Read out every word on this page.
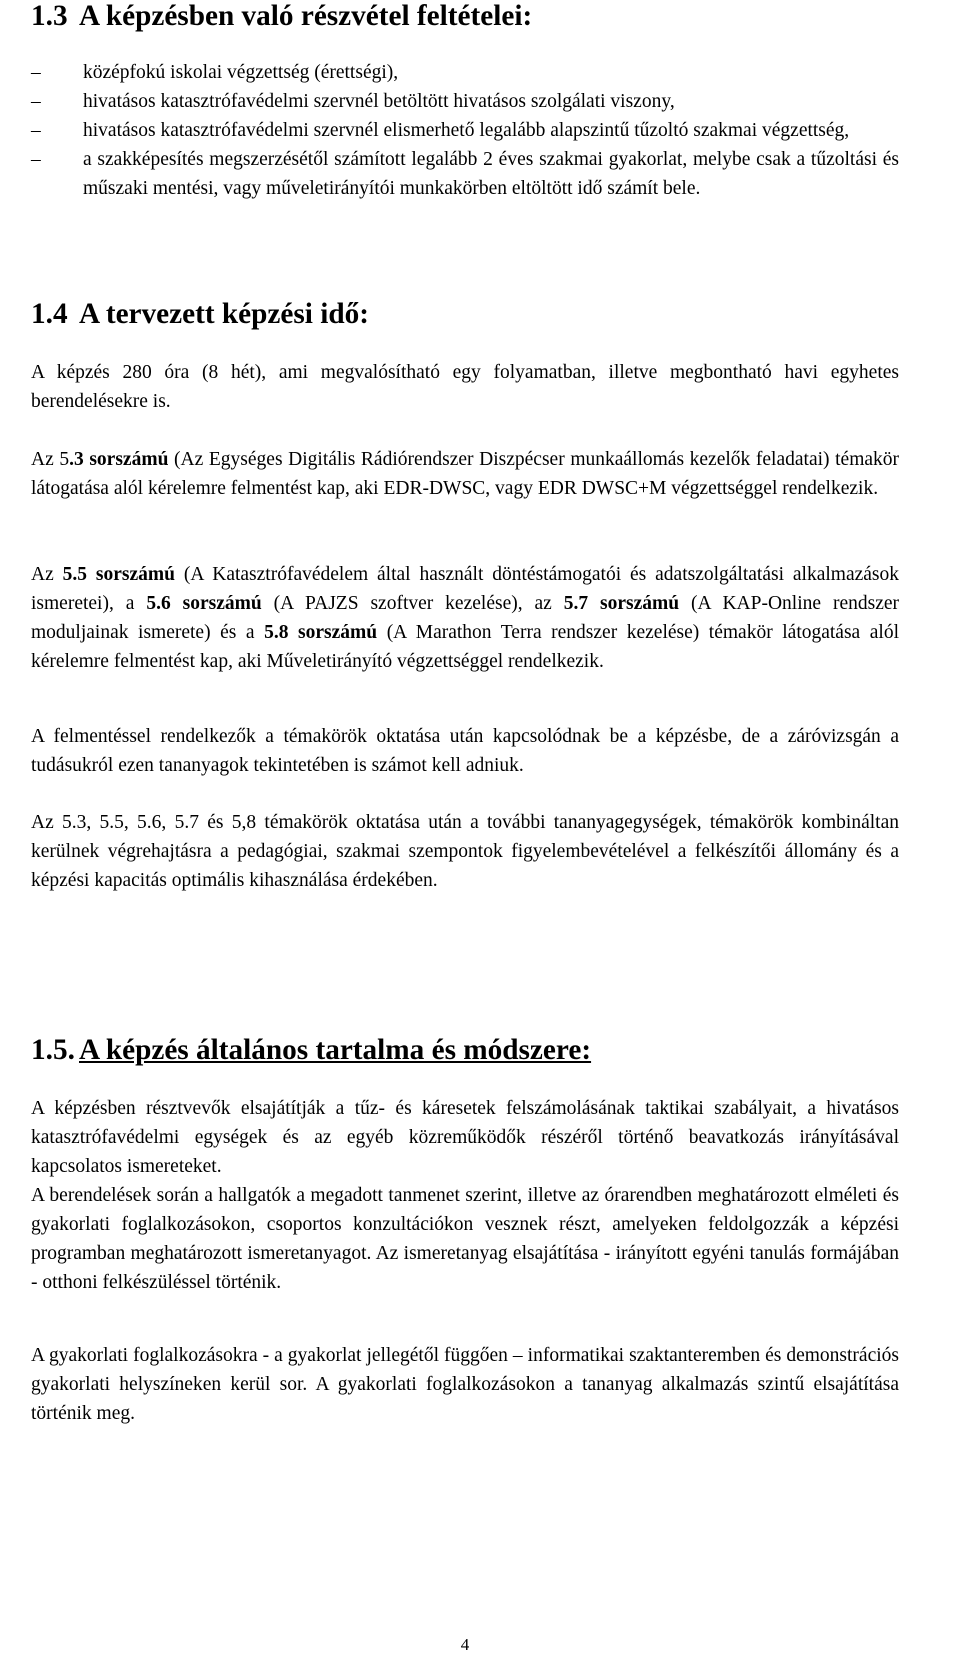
1.3 A képzésben való részvétel feltételei:
– középfokú iskolai végzettség (érettségi),
– hivatásos katasztrófavédelmi szervnél betöltött hivatásos szolgálati viszony,
– hivatásos katasztrófavédelmi szervnél elismerhető legalább alapszintű tűzoltó szakmai végzettség,
– a szakképesítés megszerzésétől számított legalább 2 éves szakmai gyakorlat, melybe csak a tűzoltási és műszaki mentési, vagy műveletirányítói munkakörben eltöltött idő számít bele.
1.4 A tervezett képzési idő:

A képzés 280 óra (8 hét), ami megvalósítható egy folyamatban, illetve megbontható havi egyhetes berendelésekre is.

Az 5.3 sorszámú (Az Egységes Digitális Rádiórendszer Diszpécser munkaállomás kezelők feladatai) témakör látogatása alól kérelemre felmentést kap, aki EDR-DWSC, vagy EDR DWSC+M végzettséggel rendelkezik.

Az 5.5 sorszámú (A Katasztrófavédelem által használt döntéstámogatói és adatszolgáltatási alkalmazások ismeretei), a 5.6 sorszámú (A PAJZS szoftver kezelése), az 5.7 sorszámú (A KAP-Online rendszer moduljainak ismerete) és a 5.8 sorszámú (A Marathon Terra rendszer kezelése) témakör látogatása alól kérelemre felmentést kap, aki Műveletirányító végzettséggel rendelkezik.

A felmentéssel rendelkezők a témakörök oktatása után kapcsolódnak be a képzésbe, de a záróvizsgán a tudásukról ezen tananyagok tekintetében is számot kell adniuk.

Az 5.3, 5.5, 5.6, 5.7 és 5,8 témakörök oktatása után a további tananyagegységek, témakörök kombináltan kerülnek végrehajtásra a pedagógiai, szakmai szempontok figyelembevételével a felkészítői állomány és a képzési kapacitás optimális kihasználása érdekében.

1.5. A képzés általános tartalma és módszere:

A képzésben résztvevők elsajátítják a tűz- és káresetek felszámolásának taktikai szabályait, a hivatásos katasztrófavédelmi egységek és az egyéb közreműködők részéről történő beavatkozás irányításával kapcsolatos ismereteket.

A berendelések során a hallgatók a megadott tanmenet szerint, illetve az órarendben meghatározott elméleti és gyakorlati foglalkozásokon, csoportos konzultációkon vesznek részt, amelyeken feldolgozzák a képzési programban meghatározott ismeretanyagot. Az ismeretanyag elsajátítása - irányított egyéni tanulás formájában - otthoni felkészüléssel történik.

A gyakorlati foglalkozásokra - a gyakorlat jellegétől függően – informatikai szaktanteremben és demonstrációs gyakorlati helyszíneken kerül sor. A gyakorlati foglalkozásokon a tananyag alkalmazás szintű elsajátítása történik meg.

4
